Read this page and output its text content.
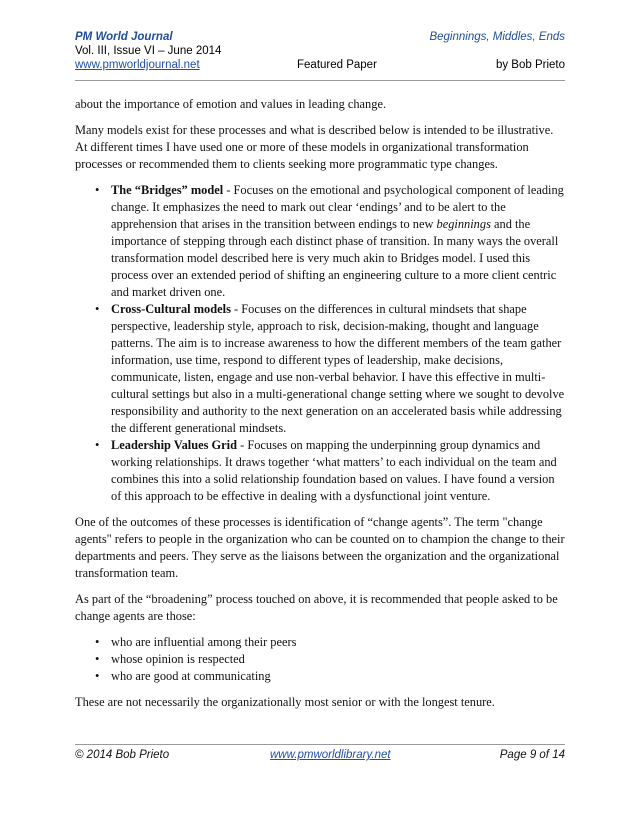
PM World Journal	Beginnings, Middles, Ends
Vol. III, Issue VI – June 2014
www.pmworldjournal.net	Featured Paper	by Bob Prieto

about the importance of emotion and values in leading change.

Many models exist for these processes and what is described below is intended to be illustrative. At different times I have used one or more of these models in organizational transformation processes or recommended them to clients seeking more programmatic type changes.

• The “Bridges” model - Focuses on the emotional and psychological component of leading change. It emphasizes the need to mark out clear ‘endings’ and to be alert to the apprehension that arises in the transition between endings to new beginnings and the importance of stepping through each distinct phase of transition. In many ways the overall transformation model described here is very much akin to Bridges model. I used this process over an extended period of shifting an engineering culture to a more client centric and market driven one.
• Cross-Cultural models - Focuses on the differences in cultural mindsets that shape perspective, leadership style, approach to risk, decision-making, thought and language patterns. The aim is to increase awareness to how the different members of the team gather information, use time, respond to different types of leadership, make decisions, communicate, listen, engage and use non-verbal behavior. I have this effective in multi-cultural settings but also in a multi-generational change setting where we sought to devolve responsibility and authority to the next generation on an accelerated basis while addressing the different generational mindsets.
• Leadership Values Grid - Focuses on mapping the underpinning group dynamics and working relationships. It draws together ‘what matters’ to each individual on the team and combines this into a solid relationship foundation based on values. I have found a version of this approach to be effective in dealing with a dysfunctional joint venture.

One of the outcomes of these processes is identification of “change agents”. The term "change agents" refers to people in the organization who can be counted on to champion the change to their departments and peers. They serve as the liaisons between the organization and the organizational transformation team.

As part of the “broadening” process touched on above, it is recommended that people asked to be change agents are those:

• who are influential among their peers
• whose opinion is respected
• who are good at communicating

These are not necessarily the organizationally most senior or with the longest tenure.

© 2014 Bob Prieto	www.pmworldlibrary.net	Page 9 of 14
